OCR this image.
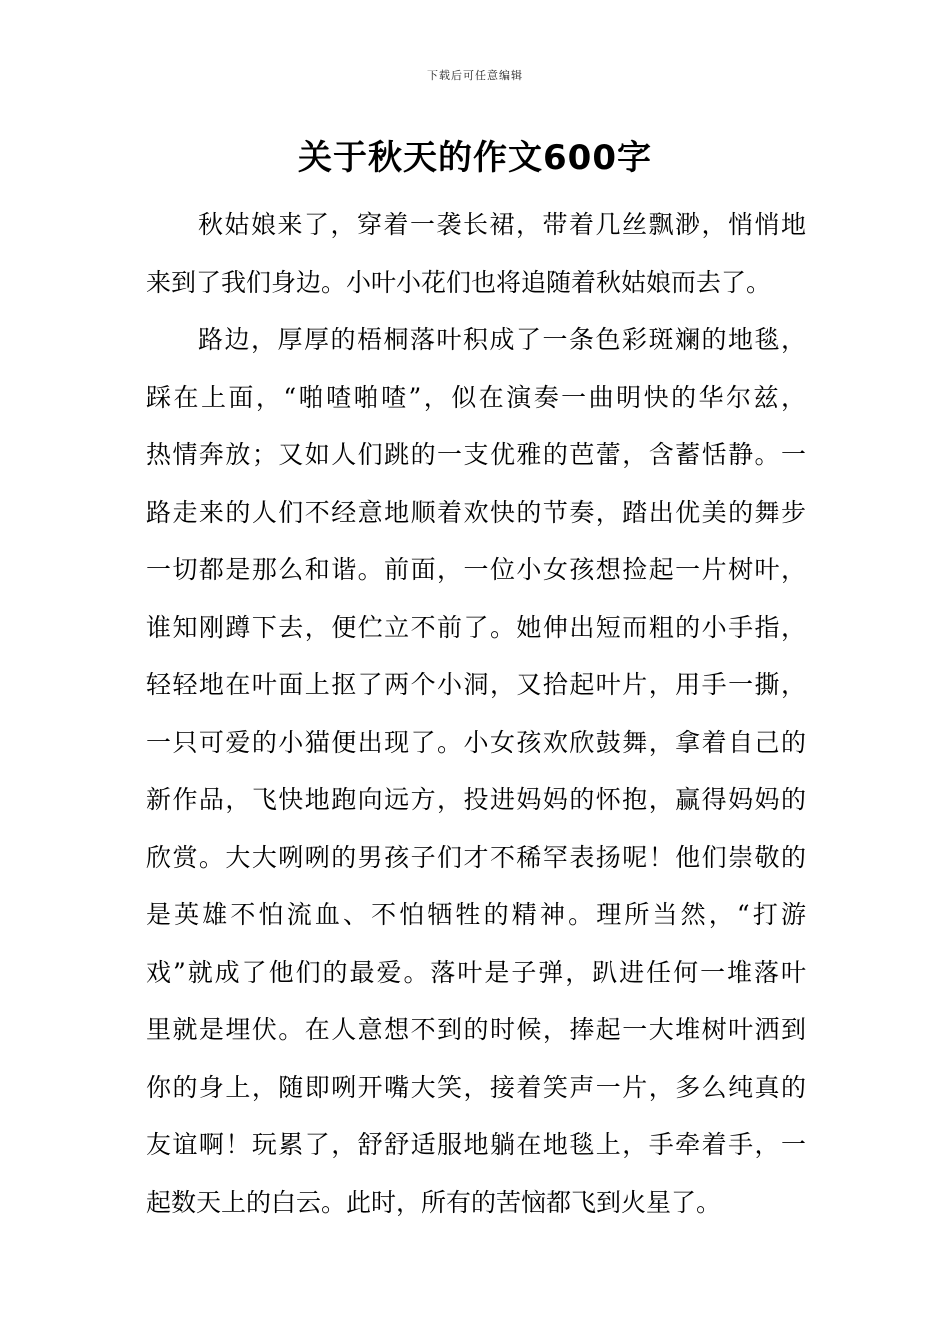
下载后可任意编辑
关于秋天的作文600字
秋姑娘来了，穿着一袭长裙，带着几丝飘渺，悄悄地
来到了我们身边。小叶小花们也将追随着秋姑娘而去了。
路边，厚厚的梧桐落叶积成了一条色彩斑斓的地毯，
踩在上面，“啪喳啪喳”，似在演奏一曲明快的华尔兹，
热情奔放；又如人们跳的一支优雅的芭蕾，含蓄恬静。一
路走来的人们不经意地顺着欢快的节奏，踏出优美的舞步
一切都是那么和谐。前面，一位小女孩想捡起一片树叶，
谁知刚蹲下去，便伫立不前了。她伸出短而粗的小手指，
轻轻地在叶面上抠了两个小洞，又拾起叶片，用手一撕，
一只可爱的小猫便出现了。小女孩欢欣鼓舞，拿着自己的
新作品，飞快地跑向远方，投进妈妈的怀抱，赢得妈妈的
欣赏。大大咧咧的男孩子们才不稀罕表扬呢！他们崇敬的
是英雄不怕流血、不怕牺牲的精神。理所当然，“打游
戏”就成了他们的最爱。落叶是子弹，趴进任何一堆落叶
里就是埋伏。在人意想不到的时候，捧起一大堆树叶洒到
你的身上，随即咧开嘴大笑，接着笑声一片，多么纯真的
友谊啊！玩累了，舒舒适服地躺在地毯上，手牵着手，一
起数天上的白云。此时，所有的苦恼都飞到火星了。
